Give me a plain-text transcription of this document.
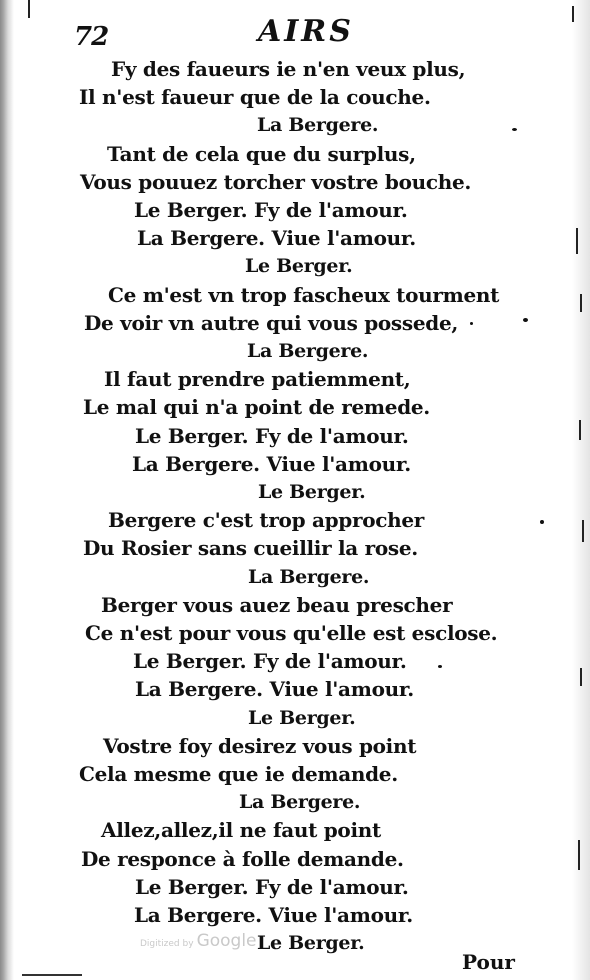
72	AIRS
Fy des faueurs ie n'en veux plus,
Il n'est faueur que de la couche.
La Bergere.
Tant de cela que du surplus,
Vous pouuez torcher vostre bouche.
Le Berger. Fy de l'amour.
La Bergere. Viue l'amour.
Le Berger.
Ce m'est vn trop fascheux tourment
De voir vn autre qui vous possede,
La Bergere.
Il faut prendre patiemment,
Le mal qui n'a point de remede.
Le Berger. Fy de l'amour.
La Bergere. Viue l'amour.
Le Berger.
Bergere c'est trop approcher
Du Rosier sans cueillir la rose.
La Bergere.
Berger vous auez beau prescher
Ce n'est pour vous qu'elle est esclose.
Le Berger. Fy de l'amour.
La Bergere. Viue l'amour.
Le Berger.
Vostre foy desirez vous point
Cela mesme que ie demande.
La Bergere.
Allez,allez,il ne faut point
De responce à folle demande.
Le Berger. Fy de l'amour.
La Bergere. Viue l'amour.
Le Berger.
Digitized by Google
Pour
